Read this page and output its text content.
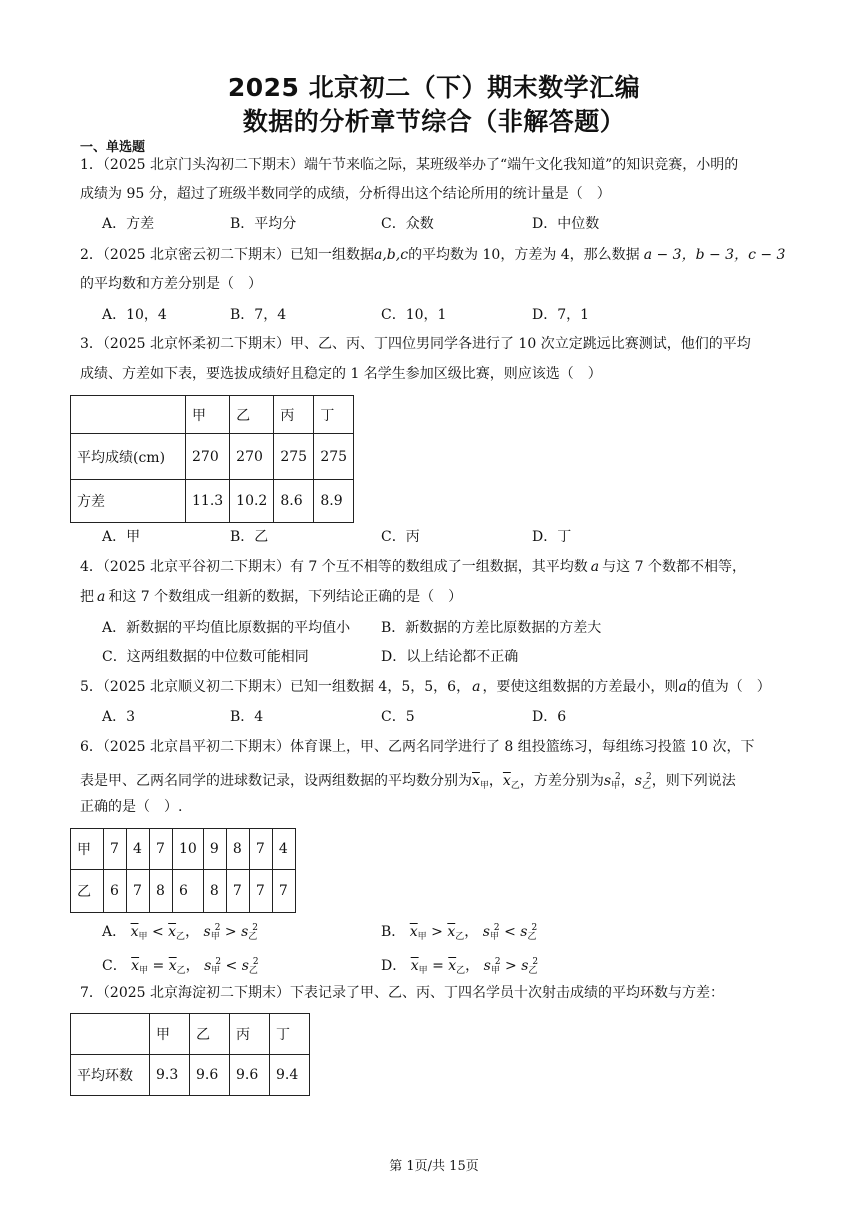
2025 北京初二（下）期末数学汇编
数据的分析章节综合（非解答题）
一、单选题
1．（2025 北京门头沟初二下期末）端午节来临之际，某班级举办了“端午文化我知道”的知识竞赛，小明的
成绩为 95 分，超过了班级半数同学的成绩，分析得出这个结论所用的统计量是（　）
A．方差	B．平均分	C．众数	D．中位数
2．（2025 北京密云初二下期末）已知一组数据a,b,c的平均数为 10，方差为 4，那么数据 a − 3，b − 3，c − 3
的平均数和方差分别是（　）
A．10，4	B．7，4	C．10，1	D．7，1
3．（2025 北京怀柔初二下期末）甲、乙、丙、丁四位男同学各进行了 10 次立定跳远比赛测试，他们的平均
成绩、方差如下表，要选拔成绩好且稳定的 1 名学生参加区级比赛，则应该选（　）
	甲	乙	丙	丁
平均成绩(cm)	270	270	275	275
方差	11.3	10.2	8.6	8.9
A．甲	B．乙	C．丙	D．丁
4．（2025 北京平谷初二下期末）有 7 个互不相等的数组成了一组数据，其平均数 a 与这 7 个数都不相等，
把 a 和这 7 个数组成一组新的数据，下列结论正确的是（　）
A．新数据的平均值比原数据的平均值小 B．新数据的方差比原数据的方差大
C．这两组数据的中位数可能相同	D．以上结论都不正确
5．（2025 北京顺义初二下期末）已知一组数据 4，5，5，6， a ，要使这组数据的方差最小，则a的值为（　）
A．3	B．4	C．5	D．6
6．（2025 北京昌平初二下期末）体育课上，甲、乙两名同学进行了 8 组投篮练习，每组练习投篮 10 次，下
表是甲、乙两名同学的进球数记录，设两组数据的平均数分别为$\overline{x}_甲$，$\overline{x}_乙$，方差分别为$s_甲^2$，$s_乙^2$，则下列说法
正确的是（　）.
甲	7	4	7	10	9	8	7	4
乙	6	7	8	6	8	7	7	7
A． $\overline{x}_甲 < \overline{x}_乙$， $s_甲^2 > s_乙^2$	B． $\overline{x}_甲 > \overline{x}_乙$， $s_甲^2 < s_乙^2$
C． $\overline{x}_甲 = \overline{x}_乙$， $s_甲^2 < s_乙^2$	D． $\overline{x}_甲 = \overline{x}_乙$， $s_甲^2 > s_乙^2$
7．（2025 北京海淀初二下期末）下表记录了甲、乙、丙、丁四名学员十次射击成绩的平均环数与方差：
	甲	乙	丙	丁
平均环数	9.3	9.6	9.6	9.4
第 1页/共 15页
